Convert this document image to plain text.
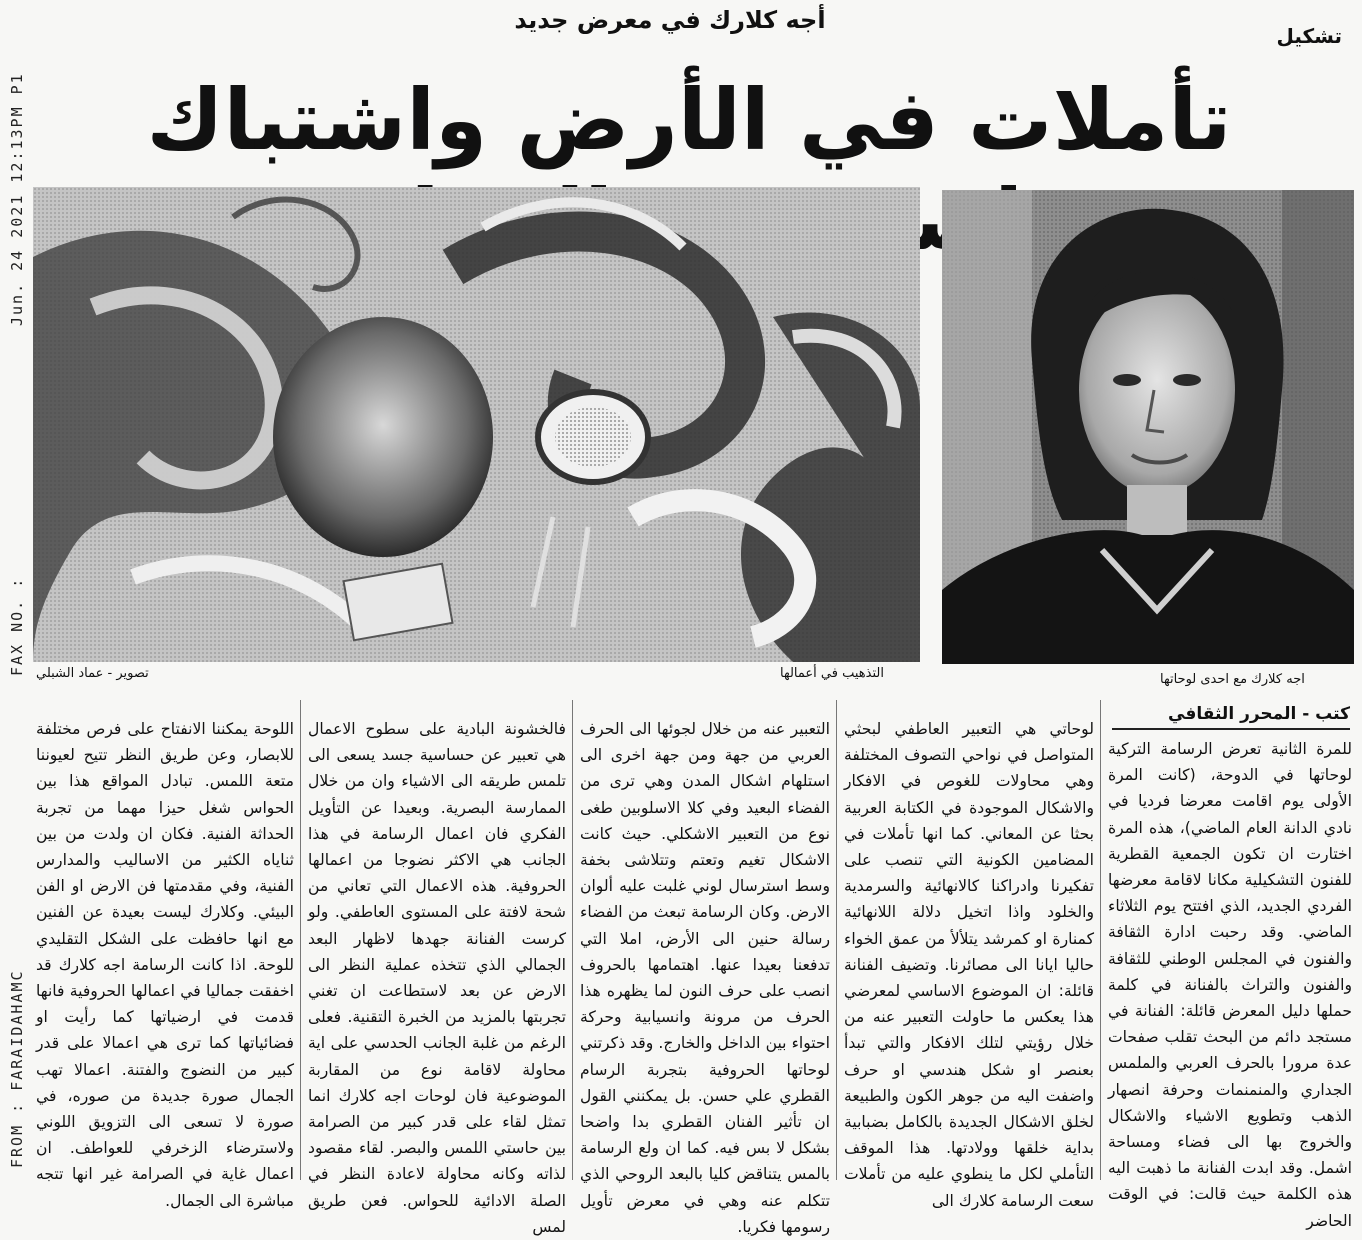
Jun. 24 2021 12:13PM P1
FAX NO. :
FROM : FARAIDAHAMC
تشكيل
أجه كلارك في معرض جديد
تأملات في الأرض واشتباك
التذهيب في أعمالها
تصوير - عماد الشبلي	اجه كلارك مع احدى لوحاتها
كتب - المحرر الثقافي
للمرة الثانية تعرض الرسامة التركية لوحاتها في الدوحة، (كانت المرة الأولى يوم اقامت معرضا فرديا في نادي الدانة العام الماضي)، هذه المرة اختارت ان تكون الجمعية القطرية للفنون التشكيلية مكانا لاقامة معرضها الفردي الجديد، الذي افتتح يوم الثلاثاء الماضي. وقد رحبت ادارة الثقافة والفنون في المجلس الوطني للثقافة والفنون والتراث بالفنانة في كلمة حملها دليل المعرض قائلة: الفنانة في مستجد دائم من البحث تقلب صفحات عدة مرورا بالحرف العربي والملمس الجداري والمنمنمات وحرفة انصهار الذهب وتطويع الاشياء والاشكال والخروج بها الى فضاء ومساحة اشمل. وقد ابدت الفنانة ما ذهبت اليه هذه الكلمة حيث قالت: في الوقت الحاضر
لوحاتي هي التعبير العاطفي لبحثي المتواصل في نواحي التصوف المختلفة وهي محاولات للغوص في الافكار والاشكال الموجودة في الكتابة العربية بحثا عن المعاني. كما انها تأملات في المضامين الكونية التي تنصب على تفكيرنا وادراكنا كالانهائية والسرمدية والخلود واذا اتخيل دلالة اللانهائية كمنارة او كمرشد يتلألأ من عمق الخواء حاليا ايانا الى مصائرنا. وتضيف الفنانة قائلة: ان الموضوع الاساسي لمعرضي هذا يعكس ما حاولت التعبير عنه من خلال رؤيتي لتلك الافكار والتي تبدأ بعنصر او شكل هندسي او حرف واضفت اليه من جوهر الكون والطبيعة لخلق الاشكال الجديدة بالكامل بضبابية بداية خلقها وولادتها. هذا الموقف التأملي لكل ما ينطوي عليه من تأملات سعت الرسامة كلارك الى
التعبير عنه من خلال لجوئها الى الحرف العربي من جهة ومن جهة اخرى الى استلهام اشكال المدن وهي ترى من الفضاء البعيد وفي كلا الاسلوبين طغى نوع من التعبير الاشكلي. حيث كانت الاشكال تغيم وتعتم وتتلاشى بخفة وسط استرسال لوني غلبت عليه ألوان الارض. وكان الرسامة تبعث من الفضاء رسالة حنين الى الأرض، املا التي تدفعنا بعيدا عنها. اهتمامها بالحروف انصب على حرف النون لما يظهره هذا الحرف من مرونة وانسيابية وحركة احتواء بين الداخل والخارج. وقد ذكرتني لوحاتها الحروفية بتجربة الرسام القطري علي حسن. بل يمكنني القول ان تأثير الفنان القطري بدا واضحا بشكل لا بس فيه. كما ان ولع الرسامة بالمس يتناقض كليا بالبعد الروحي الذي تتكلم عنه وهي في معرض تأويل رسومها فكريا.
فالخشونة البادية على سطوح الاعمال هي تعبير عن حساسية جسد يسعى الى تلمس طريقه الى الاشياء وان من خلال الممارسة البصرية. وبعيدا عن التأويل الفكري فان اعمال الرسامة في هذا الجانب هي الاكثر نضوجا من اعمالها الحروفية. هذه الاعمال التي تعاني من شحة لافتة على المستوى العاطفي. ولو كرست الفنانة جهدها لاظهار البعد الجمالي الذي تتخذه عملية النظر الى الارض عن بعد لاستطاعت ان تغني تجربتها بالمزيد من الخبرة التقنية. فعلى الرغم من غلبة الجانب الحدسي على اية محاولة لاقامة نوع من المقاربة الموضوعية فان لوحات اجه كلارك انما تمثل لقاء على قدر كبير من الصرامة بين حاستي اللمس والبصر. لقاء مقصود لذاته وكانه محاولة لاعادة النظر في الصلة الادائية للحواس. فعن طريق لمس
اللوحة يمكننا الانفتاح على فرص مختلفة للابصار، وعن طريق النظر تتيح لعيوننا متعة اللمس. تبادل المواقع هذا بين الحواس شغل حيزا مهما من تجربة الحداثة الفنية. فكان ان ولدت من بين ثناياه الكثير من الاساليب والمدارس الفنية، وفي مقدمتها فن الارض او الفن البيئي. وكلارك ليست بعيدة عن الفنين مع انها حافظت على الشكل التقليدي للوحة. اذا كانت الرسامة اجه كلارك قد اخفقت جماليا في اعمالها الحروفية فانها قدمت في ارضياتها كما رأيت او فضائياتها كما ترى هي اعمالا على قدر كبير من النضوج والفتنة. اعمالا تهب الجمال صورة جديدة من صوره، في صورة لا تسعى الى التزويق اللوني ولاسترضاء الزخرفي للعواطف. ان اعمال غاية في الصرامة غير انها تتجه مباشرة الى الجمال.
